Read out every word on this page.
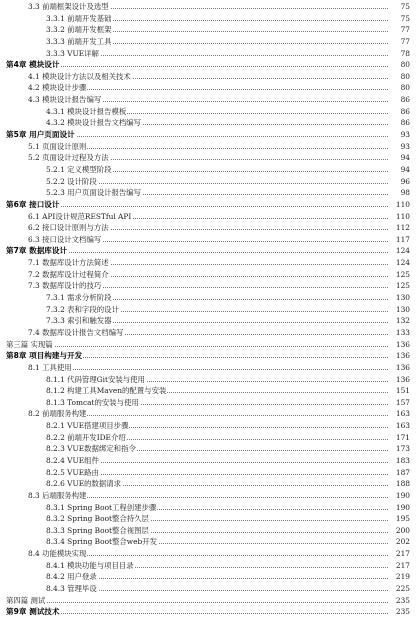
3.3 前端框架设计及选型	75
3.3.1 前端开发基础	75
3.3.2 前端开发框架	77
3.3.3 前端开发工具	77
3.3.3 VUE详解	78
第4章 模块设计	80
4.1 模块设计方法以及相关技术	80
4.2 模块设计步骤	80
4.3 模块设计报告编写	86
4.3.1 模块设计报告模板	86
4.3.2 模块设计报告文档编写	86
第5章 用户页面设计	93
5.1 页面设计原则	93
5.2 页面设计过程及方法	94
5.2.1 定义模型阶段	94
5.2.2 设计阶段	96
5.2.3 用户页面设计报告编写	98
第6章 接口设计	110
6.1 API设计规范RESTful API	110
6.2 接口设计原则与方法	112
6.3 接口设计文档编写	117
第7章 数据库设计	124
7.1 数据库设计方法简述	124
7.2 数据库设计过程简介	125
7.3 数据库设计的技巧	125
7.3.1 需求分析阶段	130
7.3.2 表和字段的设计	130
7.3.3 索引和触发器	132
7.4 数据库设计报告文档编写	133
第三篇 实现篇	136
第8章 项目构建与开发	136
8.1 工具使用	136
8.1.1 代码管理Git安装与使用	136
8.1.2 构建工具Maven的配置与安装	151
8.1.3 Tomcat的安装与使用	157
8.2 前端服务构建	163
8.2.1 VUE搭建项目步骤	163
8.2.2 前端开发IDE介绍	171
8.2.3 VUE数据绑定和指令	173
8.2.4 VUE组件	183
8.2.5 VUE路由	187
8.2.6 VUE的数据请求	188
8.3 后端服务构建	190
8.3.1 Spring Boot工程创建步骤	190
8.3.2 Spring Boot整合持久层	195
8.3.3 Spring Boot整合视图层	200
8.3.4 Spring Boot整合web开发	202
8.4 功能模块实现	217
8.4.1 模块功能与项目目录	217
8.4.2 用户登录	219
8.4.3 管理毕设	225
第四篇 测试	235
第9章 测试技术	235
